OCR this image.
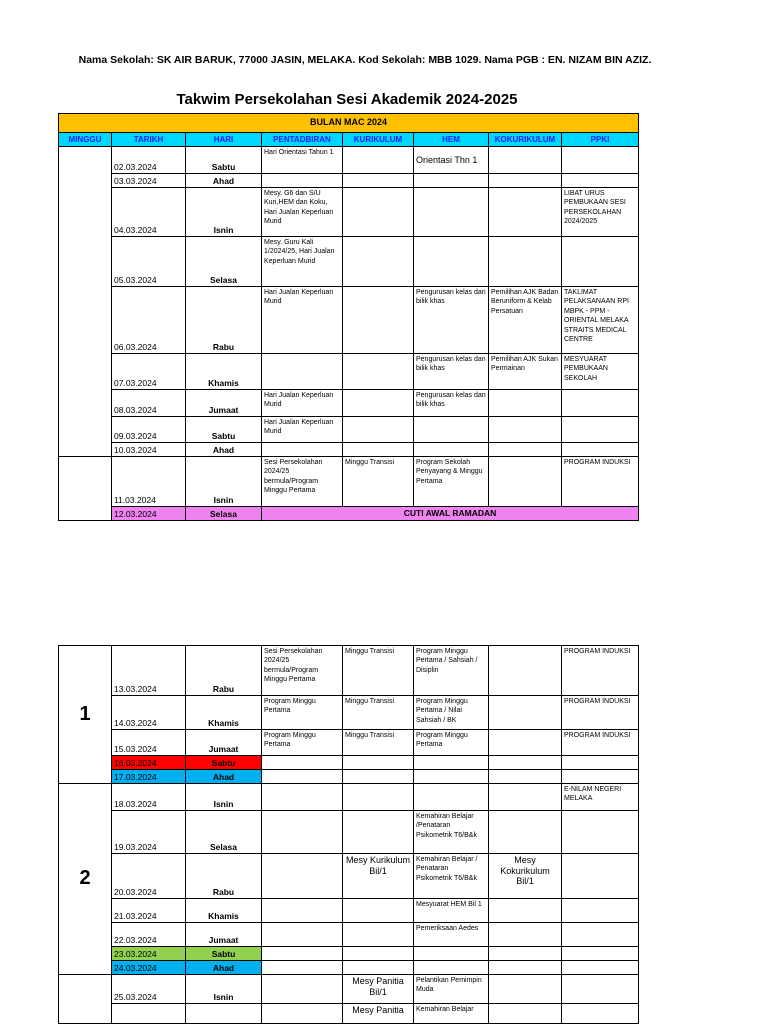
Nama Sekolah: SK AIR BARUK, 77000 JASIN, MELAKA. Kod Sekolah: MBB 1029. Nama PGB : EN. NIZAM BIN AZIZ.
Takwim Persekolahan Sesi Akademik 2024-2025
BULAN MAC 2024							
MINGGU	TARIKH	HARI	PENTADBIRAN	KURIKULUM	HEM	KOKURIKULUM	PPKI
	02.03.2024	Sabtu	Hari Orientasi Tahun 1		Orientasi Thn 1		
	03.03.2024	Ahad					
	04.03.2024	Isnin	Mesy. G6 dan S/U Kuri,HEM dan Koku, Hari Jualan Keperluan Murid				LIBAT URUS PEMBUKAAN SESI PERSEKOLAHAN 2024/2025
	05.03.2024	Selasa	Mesy. Guru Kali 1/2024/25, Hari Jualan Keperluan Murid				
	06.03.2024	Rabu	Hari Jualan Keperluan Murid		Pengurusan kelas dan bilik khas	Pemilihan AJK Badan Beruniform & Kelab Persatuan	TAKLIMAT PELAKSANAAN RPI MBPK - PPM - ORIENTAL MELAKA STRAITS MEDICAL CENTRE
	07.03.2024	Khamis			Pengurusan kelas dan bilik khas	Pemilihan AJK Sukan Permainan	MESYUARAT PEMBUKAAN SEKOLAH
	08.03.2024	Jumaat	Hari Jualan Keperluan Murid		Pengurusan kelas dan bilik khas		
	09.03.2024	Sabtu	Hari Jualan Keperluan Murid				
	10.03.2024	Ahad					
	11.03.2024	Isnin	Sesi Persekolahan 2024/25 bermula/Program Minggu Pertama	Minggu Transisi	Program Sekolah Penyayang & Minggu Pertama		PROGRAM INDUKSI
	12.03.2024	Selasa	CUTI AWAL RAMADAN				
1	13.03.2024	Rabu	Sesi Persekolahan 2024/25 bermula/Program Minggu Pertama	Minggu Transisi	Program Minggu Pertama / Sahsiah / Disiplin		PROGRAM INDUKSI
	14.03.2024	Khamis	Program Minggu Pertama	Minggu Transisi	Program Minggu Pertama / Nilai Sahsiah / BK		PROGRAM INDUKSI
	15.03.2024	Jumaat	Program Minggu Pertama	Minggu Transisi	Program Minggu Pertama		PROGRAM INDUKSI
	16.03.2024	Sabtu					
	17.03.2024	Ahad					
2	18.03.2024	Isnin					E-NILAM NEGERI MELAKA
	19.03.2024	Selasa			Kemahiran Belajar /Penataran Psikometrik T6/B&k		
	20.03.2024	Rabu		Mesy Kurikulum Bil/1	Kemahiran Belajar / Penataran Psikometrik T6/B&k	Mesy Kokurikulum Bil/1	
	21.03.2024	Khamis			Mesyuarat HEM Bil 1		
	22.03.2024	Jumaat			Pemeriksaan Aedes		
	23.03.2024	Sabtu					
	24.03.2024	Ahad					
	25.03.2024	Isnin		Mesy Panitia Bil/1	Pelantikan Pemimpin Muda		
				Mesy Panitia	Kemahiran Belajar		
